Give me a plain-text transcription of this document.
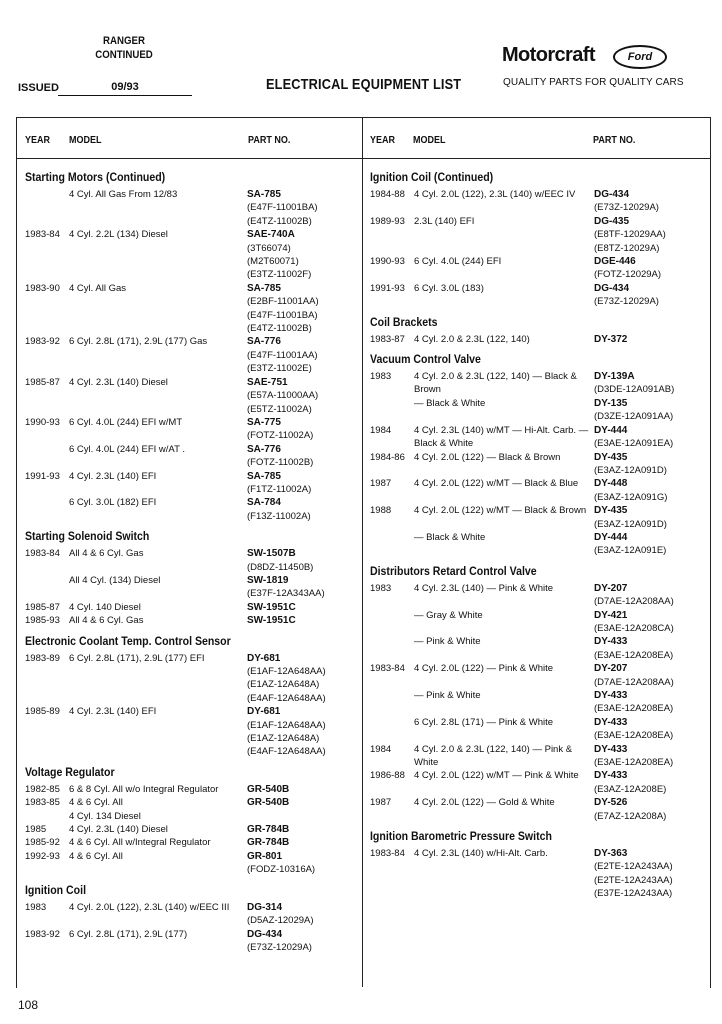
RANGER
CONTINUED
ISSUED	09/93	ELECTRICAL EQUIPMENT LIST
Motorcraft	Ford
QUALITY PARTS FOR QUALITY CARS
YEAR MODEL	PART NO.	YEAR MODEL	PART NO.
Starting Motors (Continued)
4 Cyl. All Gas From 12/83	SA-785
(E47F-11001BA)
(E4TZ-11002B)
1983-84 4 Cyl. 2.2L (134) Diesel	SAE-740A
(3T66074)
(M2T60071)
(E3TZ-11002F)
1983-90 4 Cyl. All Gas	SA-785
(E2BF-11001AA)
(E47F-11001BA)
(E4TZ-11002B)
1983-92 6 Cyl. 2.8L (171), 2.9L (177) Gas	SA-776
(E47F-11001AA)
(E3TZ-11002E)
1985-87 4 Cyl. 2.3L (140) Diesel	SAE-751
(E57A-11000AA)
(E5TZ-11002A)
1990-93 6 Cyl. 4.0L (244) EFI w/MT	SA-775
(FOTZ-11002A)
6 Cyl. 4.0L (244) EFI w/AT .	SA-776
(FOTZ-11002B)
1991-93 4 Cyl. 2.3L (140) EFI	SA-785
(F1TZ-11002A)
6 Cyl. 3.0L (182) EFI	SA-784
(F13Z-11002A)
Starting Solenoid Switch
1983-84 All 4 & 6 Cyl. Gas	SW-1507B
(D8DZ-11450B)
All 4 Cyl. (134) Diesel	SW-1819
(E37F-12A343AA)
1985-87 4 Cyl. 140 Diesel	SW-1951C
1985-93 All 4 & 6 Cyl. Gas	SW-1951C
Electronic Coolant Temp. Control Sensor
1983-89 6 Cyl. 2.8L (171), 2.9L (177) EFI	DY-681
(E1AF-12A648AA)
(E1AZ-12A648A)
(E4AF-12A648AA)
1985-89 4 Cyl. 2.3L (140) EFI	DY-681
(E1AF-12A648AA)
(E1AZ-12A648A)
(E4AF-12A648AA)
Voltage Regulator
1982-85 6 & 8 Cyl. All w/o Integral Regulator	GR-540B
1983-85 4 & 6 Cyl. All	GR-540B
4 Cyl. 134 Diesel
1985	4 Cyl. 2.3L (140) Diesel	GR-784B
1985-92 4 & 6 Cyl. All w/Integral Regulator	GR-784B
1992-93 4 & 6 Cyl. All	GR-801
(FODZ-10316A)
Ignition Coil
1983	4 Cyl. 2.0L (122), 2.3L (140) w/EEC III	DG-314
(D5AZ-12029A)
1983-92 6 Cyl. 2.8L (171), 2.9L (177)	DG-434
(E73Z-12029A)
Ignition Coil (Continued)
1984-88 4 Cyl. 2.0L (122), 2.3L (140) w/EEC IV	DG-434
(E73Z-12029A)
1989-93 2.3L (140) EFI	DG-435
(E8TF-12029AA)
(E8TZ-12029A)
1990-93 6 Cyl. 4.0L (244) EFI	DGE-446
(FOTZ-12029A)
1991-93 6 Cyl. 3.0L (183)	DG-434
(E73Z-12029A)
Coil Brackets
1983-87 4 Cyl. 2.0 & 2.3L (122, 140)	DY-372
Vacuum Control Valve
1983	4 Cyl. 2.0 & 2.3L (122, 140) — Black & Brown
DY-139A
(D3DE-12A091AB)
— Black & White	DY-135
(D3ZE-12A091AA)
1984	4 Cyl. 2.3L (140) w/MT — Hi-Alt. Carb. — Black & White
DY-444
(E3AE-12A091EA)
1984-86 4 Cyl. 2.0L (122) — Black & Brown	DY-435
(E3AZ-12A091D)
1987	4 Cyl. 2.0L (122) w/MT — Black & Blue	DY-448
(E3AZ-12A091G)
1988	4 Cyl. 2.0L (122) w/MT — Black & Brown DY-435
(E3AZ-12A091D)
— Black & White	DY-444
(E3AZ-12A091E)
Distributors Retard Control Valve
1983	4 Cyl. 2.3L (140) — Pink & White	DY-207
(D7AE-12A208AA)
— Gray & White	DY-421
(E3AE-12A208CA)
— Pink & White	DY-433
(E3AE-12A208EA)
1983-84 4 Cyl. 2.0L (122) — Pink & White	DY-207
(D7AE-12A208AA)
— Pink & White	DY-433
(E3AE-12A208EA)
6 Cyl. 2.8L (171) — Pink & White	DY-433
(E3AE-12A208EA)
1984	4 Cyl. 2.0 & 2.3L (122, 140) — Pink & White
DY-433
(E3AE-12A208EA)
1986-88 4 Cyl. 2.0L (122) w/MT — Pink & White	DY-433
(E3AZ-12A208E)
1987	4 Cyl. 2.0L (122) — Gold & White	DY-526
(E7AZ-12A208A)
Ignition Barometric Pressure Switch
1983-84 4 Cyl. 2.3L (140) w/Hi-Alt. Carb.	DY-363
(E2TE-12A243AA)
(E2TE-12A243AA)
(E37E-12A243AA)
108
